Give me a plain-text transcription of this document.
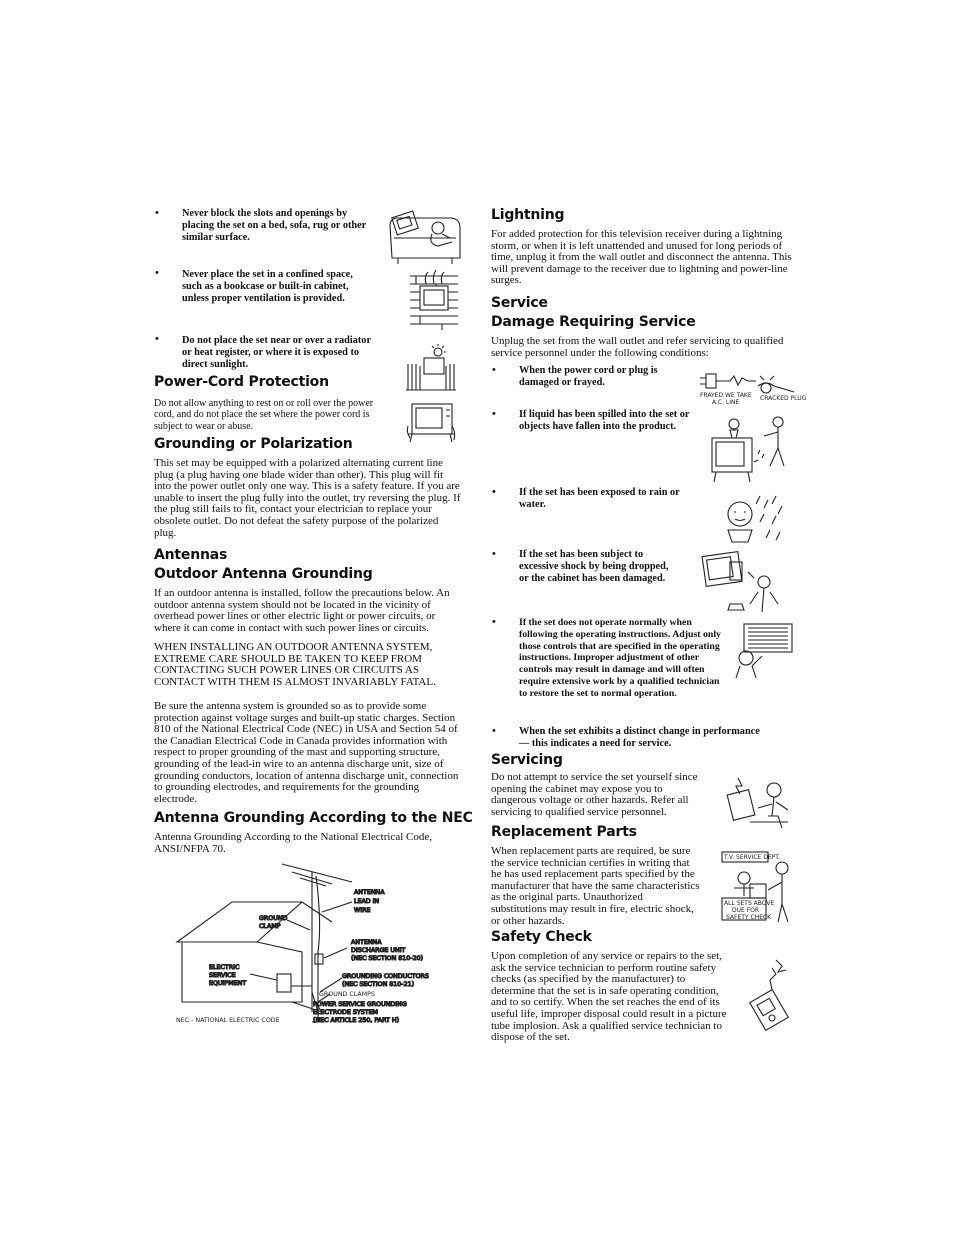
• Never block the slots and openings by placing the set on a bed, sofa, rug or other similar surface.

• Never place the set in a confined space, such as a bookcase or built-in cabinet, unless proper ventilation is provided.

• Do not place the set near or over a radiator or heat register, or where it is exposed to direct sunlight.

Power-Cord Protection

Do not allow anything to rest on or roll over the power cord, and do not place the set where the power cord is subject to wear or abuse.

Grounding or Polarization

This set may be equipped with a polarized alternating current line plug (a plug having one blade wider than other). This plug will fit into the power outlet only one way. This is a safety feature. If you are unable to insert the plug fully into the outlet, try reversing the plug. If the plug still fails to fit, contact your electrician to replace your obsolete outlet. Do not defeat the safety purpose of the polarized plug.

Antennas
Outdoor Antenna Grounding

If an outdoor antenna is installed, follow the precautions below. An outdoor antenna system should not be located in the vicinity of overhead power lines or other electric light or power circuits, or where it can come in contact with such power lines or circuits.

WHEN INSTALLING AN OUTDOOR ANTENNA SYSTEM, EXTREME CARE SHOULD BE TAKEN TO KEEP FROM CONTACTING SUCH POWER LINES OR CIRCUITS AS CONTACT WITH THEM IS ALMOST INVARIABLY FATAL.

Be sure the antenna system is grounded so as to provide some protection against voltage surges and built-up static charges. Section 810 of the National Electrical Code (NEC) in USA and Section 54 of the Canadian Electrical Code in Canada provides information with respect to proper grounding of the mast and supporting structure, grounding of the lead-in wire to an antenna discharge unit, size of grounding conductors, location of antenna discharge unit, connection to grounding electrodes, and requirements for the grounding electrode.

Antenna Grounding According to the NEC

Antenna Grounding According to the National Electrical Code, ANSI/NFPA 70.

ANTENNA LEAD IN WIRE
GROUND CLAMP
ANTENNA DISCHARGE UNIT (NEC SECTION 810-20)
ELECTRIC SERVICE EQUIPMENT
GROUNDING CONDUCTORS (NEC SECTION 810-21)
GROUND CLAMPS
POWER SERVICE GROUNDING ELECTRODE SYSTEM (NEC ARTICLE 250, PART H)
NEC - NATIONAL ELECTRIC CODE
Lightning

For added protection for this television receiver during a lightning storm, or when it is left unattended and unused for long periods of time, unplug it from the wall outlet and disconnect the antenna. This will prevent damage to the receiver due to lightning and power-line surges.

Service
Damage Requiring Service

Unplug the set from the wall outlet and refer servicing to qualified service personnel under the following conditions:

• When the power cord or plug is damaged or frayed.

• If liquid has been spilled into the set or objects have fallen into the product.

• If the set has been exposed to rain or water.

• If the set has been subject to excessive shock by being dropped, or the cabinet has been damaged.

• If the set does not operate normally when following the operating instructions. Adjust only those controls that are specified in the operating instructions. Improper adjustment of other controls may result in damage and will often require extensive work by a qualified technician to restore the set to normal operation.

• When the set exhibits a distinct change in performance — this indicates a need for service.

Servicing

Do not attempt to service the set yourself since opening the cabinet may expose you to dangerous voltage or other hazards. Refer all servicing to qualified service personnel.

Replacement Parts

When replacement parts are required, be sure the service technician certifies in writing that he has used replacement parts specified by the manufacturer that have the same characteristics as the original parts. Unauthorized substitutions may result in fire, electric shock, or other hazards.

Safety Check

Upon completion of any service or repairs to the set, ask the service technician to perform routine safety checks (as specified by the manufacturer) to determine that the set is in safe operating condition, and to so certify. When the set reaches the end of its useful life, improper disposal could result in a picture tube implosion. Ask a qualified service technician to dispose of the set.

FRAYED WE TAKE
A.C. LINE
CRACKED PLUG
T.V. SERVICE DEPT.
ALL SETS ABOVE
DUE FOR
SAFETY CHECK
